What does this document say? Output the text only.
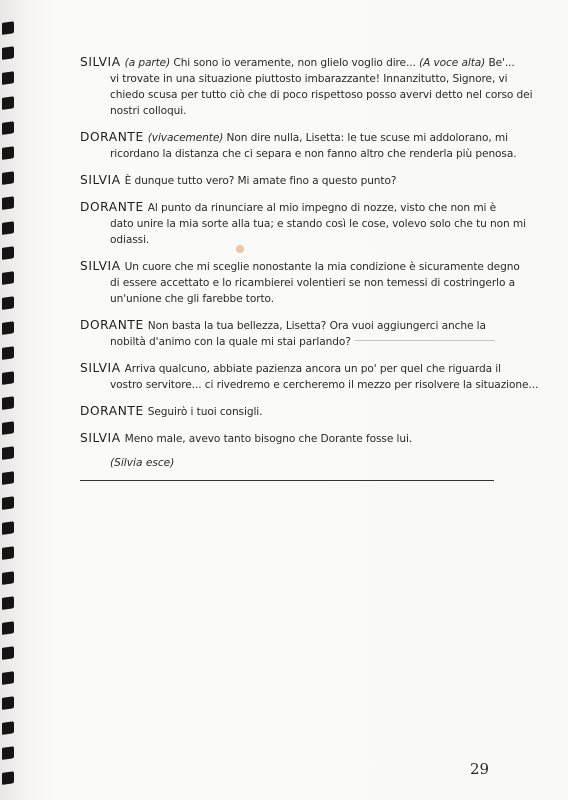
SILVIA (a parte) Chi sono io veramente, non glielo voglio dire... (A voce alta) Be'...
vi trovate in una situazione piuttosto imbarazzante! Innanzitutto, Signore, vi
chiedo scusa per tutto ciò che di poco rispettoso posso avervi detto nel corso dei
nostri colloqui.
DORANTE (vivacemente) Non dire nulla, Lisetta: le tue scuse mi addolorano, mi
ricordano la distanza che ci separa e non fanno altro che renderla più penosa.
SILVIA È dunque tutto vero? Mi amate fino a questo punto?
DORANTE Al punto da rinunciare al mio impegno di nozze, visto che non mi è
dato unire la mia sorte alla tua; e stando così le cose, volevo solo che tu non mi
odiassi.
SILVIA Un cuore che mi sceglie nonostante la mia condizione è sicuramente degno
di essere accettato e lo ricambierei volentieri se non temessi di costringerlo a
un'unione che gli farebbe torto.
DORANTE Non basta la tua bellezza, Lisetta? Ora vuoi aggiungerci anche la
nobiltà d'animo con la quale mi stai parlando?
SILVIA Arriva qualcuno, abbiate pazienza ancora un po' per quel che riguarda il
vostro servitore... ci rivedremo e cercheremo il mezzo per risolvere la situazione...
DORANTE Seguirò i tuoi consigli.
SILVIA Meno male, avevo tanto bisogno che Dorante fosse lui.
(Silvia esce)
29
